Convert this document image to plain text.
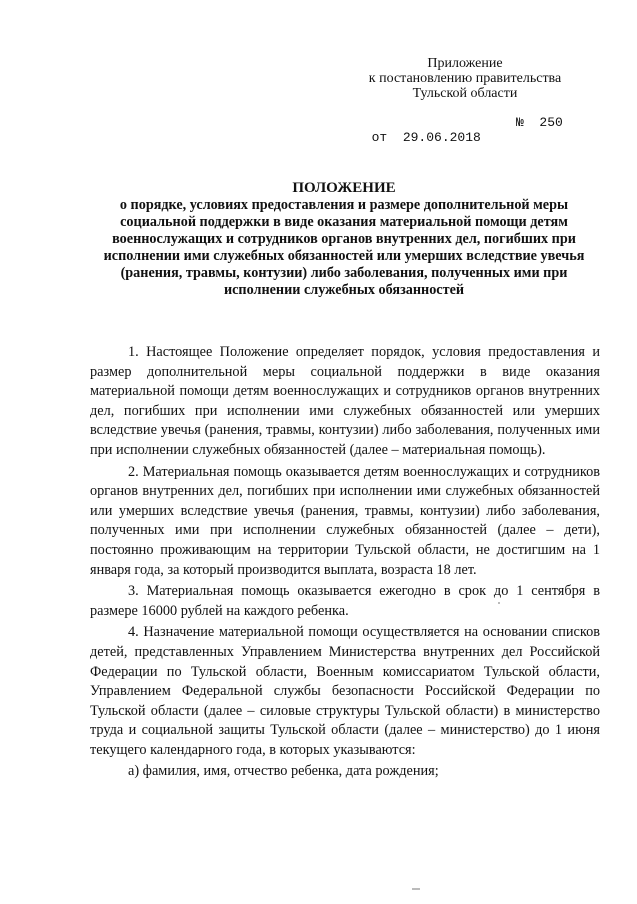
Приложение
к постановлению правительства
Тульской области

от  29.06.2018

№  250

ПОЛОЖЕНИЕ
о порядке, условиях предоставления и размере дополнительной меры социальной поддержки в виде оказания материальной помощи детям военнослужащих и сотрудников органов внутренних дел, погибших при исполнении ими служебных обязанностей или умерших вследствие увечья (ранения, травмы, контузии) либо заболевания, полученных ими при исполнении служебных обязанностей

1. Настоящее Положение определяет порядок, условия предоставления и размер дополнительной меры социальной поддержки в виде оказания материальной помощи детям военнослужащих и сотрудников органов внутренних дел, погибших при исполнении ими служебных обязанностей или умерших вследствие увечья (ранения, травмы, контузии) либо заболевания, полученных ими при исполнении служебных обязанностей (далее – материальная помощь).

2. Материальная помощь оказывается детям военнослужащих и сотрудников органов внутренних дел, погибших при исполнении ими служебных обязанностей или умерших вследствие увечья (ранения, травмы, контузии) либо заболевания, полученных ими при исполнении служебных обязанностей (далее – дети), постоянно проживающим на территории Тульской области, не достигшим на 1 января года, за который производится выплата, возраста 18 лет.

3. Материальная помощь оказывается ежегодно в срок до 1 сентября в размере 16000 рублей на каждого ребенка.

4. Назначение материальной помощи осуществляется на основании списков детей, представленных Управлением Министерства внутренних дел Российской Федерации по Тульской области, Военным комиссариатом Тульской области, Управлением Федеральной службы безопасности Российской Федерации по Тульской области (далее – силовые структуры Тульской области) в министерство труда и социальной защиты Тульской области (далее – министерство) до 1 июня текущего календарного года, в которых указываются:

а) фамилия, имя, отчество ребенка, дата рождения;
